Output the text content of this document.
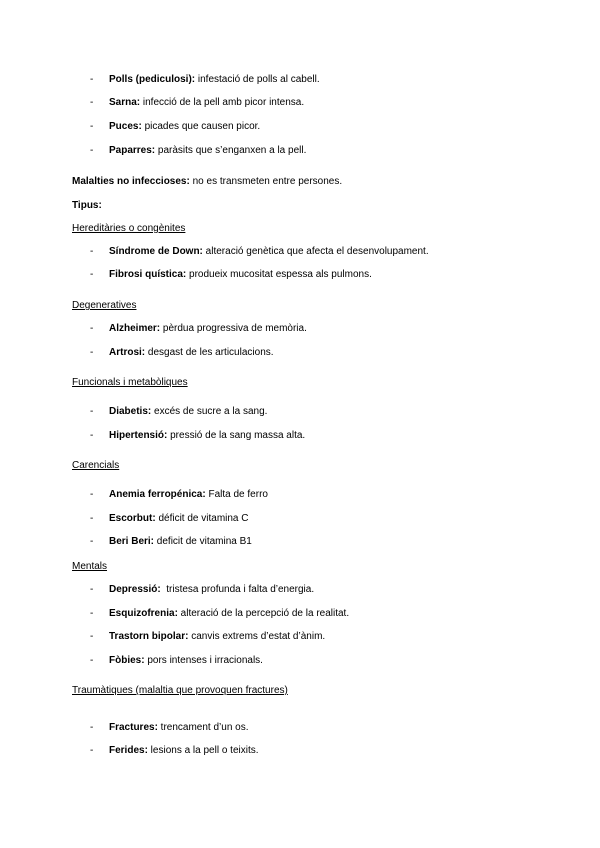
- Polls (pediculosi): infestació de polls al cabell.
- Sarna: infecció de la pell amb picor intensa.
- Puces: picades que causen picor.
- Paparres: paràsits que s’enganxen a la pell.
Malalties no infeccioses: no es transmeten entre persones.
Tipus:
Hereditàries o congènites
- Síndrome de Down: alteració genètica que afecta el desenvolupament.
- Fibrosi quística: produeix mucositat espessa als pulmons.
Degeneratives
- Alzheimer: pèrdua progressiva de memòria.
- Artrosi: desgast de les articulacions.
Funcionals i metabòliques
- Diabetis: excés de sucre a la sang.
- Hipertensió: pressió de la sang massa alta.
Carencials
- Anemia ferropénica: Falta de ferro
- Escorbut: déficit de vitamina C
- Beri Beri: deficit de vitamina B1
Mentals
- Depressió:  tristesa profunda i falta d’energia.
- Esquizofrenia: alteració de la percepció de la realitat.
- Trastorn bipolar: canvis extrems d’estat d’ànim.
- Fòbies: pors intenses i irracionals.
Traumàtiques (malaltia que provoquen fractures)
- Fractures: trencament d’un os.
- Ferides: lesions a la pell o teixits.
